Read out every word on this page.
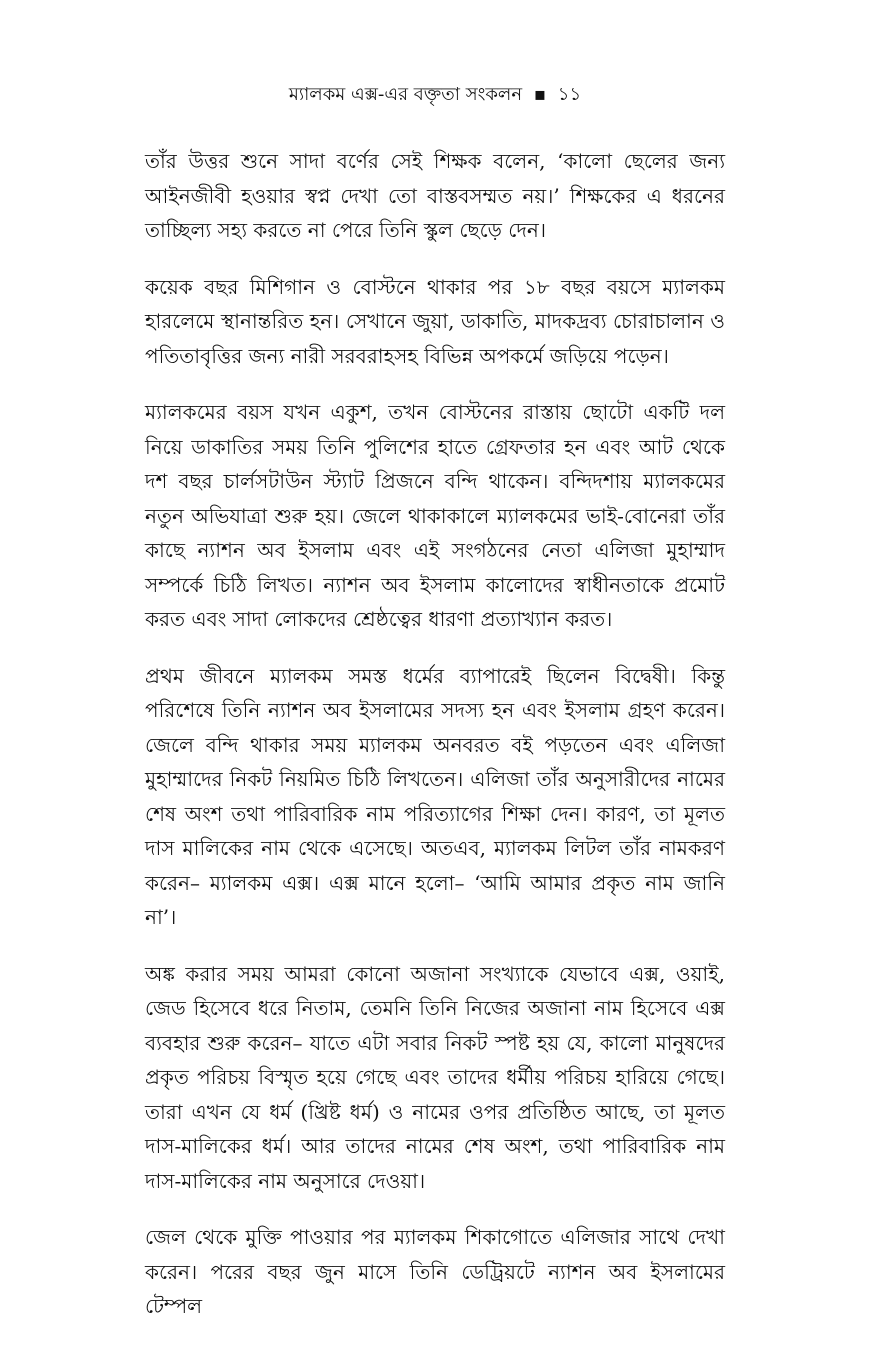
ম্যালকম এক্স-এর বক্তৃতা সংকলন ▪ ১১

তাঁর উত্তর শুনে সাদা বর্ণের সেই শিক্ষক বলেন, ‘কালো ছেলের জন্য আইনজীবী হওয়ার স্বপ্ন দেখা তো বাস্তবসম্মত নয়।’ শিক্ষকের এ ধরনের তাচ্ছিল্য সহ্য করতে না পেরে তিনি স্কুল ছেড়ে দেন।

কয়েক বছর মিশিগান ও বোস্টনে থাকার পর ১৮ বছর বয়সে ম্যালকম হারলেমে স্থানান্তরিত হন। সেখানে জুয়া, ডাকাতি, মাদকদ্রব্য চোরাচালান ও পতিতাবৃত্তির জন্য নারী সরবরাহসহ বিভিন্ন অপকর্মে জড়িয়ে পড়েন।

ম্যালকমের বয়স যখন একুশ, তখন বোস্টনের রাস্তায় ছোটো একটি দল নিয়ে ডাকাতির সময় তিনি পুলিশের হাতে গ্রেফতার হন এবং আট থেকে দশ বছর চার্লসটাউন স্ট্যাট প্রিজনে বন্দি থাকেন। বন্দিদশায় ম্যালকমের নতুন অভিযাত্রা শুরু হয়। জেলে থাকাকালে ম্যালকমের ভাই-বোনেরা তাঁর কাছে ন্যাশন অব ইসলাম এবং এই সংগঠনের নেতা এলিজা মুহাম্মাদ সম্পর্কে চিঠি লিখত। ন্যাশন অব ইসলাম কালোদের স্বাধীনতাকে প্রমোট করত এবং সাদা লোকদের শ্রেষ্ঠত্বের ধারণা প্রত্যাখ্যান করত।

প্রথম জীবনে ম্যালকম সমস্ত ধর্মের ব্যাপারেই ছিলেন বিদ্বেষী। কিন্তু পরিশেষে তিনি ন্যাশন অব ইসলামের সদস্য হন এবং ইসলাম গ্রহণ করেন। জেলে বন্দি থাকার সময় ম্যালকম অনবরত বই পড়তেন এবং এলিজা মুহাম্মাদের নিকট নিয়মিত চিঠি লিখতেন। এলিজা তাঁর অনুসারীদের নামের শেষ অংশ তথা পারিবারিক নাম পরিত্যাগের শিক্ষা দেন। কারণ, তা মূলত দাস মালিকের নাম থেকে এসেছে। অতএব, ম্যালকম লিটল তাঁর নামকরণ করেন– ম্যালকম এক্স। এক্স মানে হলো– ‘আমি আমার প্রকৃত নাম জানি না’।

অঙ্ক করার সময় আমরা কোনো অজানা সংখ্যাকে যেভাবে এক্স, ওয়াই, জেড হিসেবে ধরে নিতাম, তেমনি তিনি নিজের অজানা নাম হিসেবে এক্স ব্যবহার শুরু করেন– যাতে এটা সবার নিকট স্পষ্ট হয় যে, কালো মানুষদের প্রকৃত পরিচয় বিস্মৃত হয়ে গেছে এবং তাদের ধর্মীয় পরিচয় হারিয়ে গেছে। তারা এখন যে ধর্ম (খ্রিষ্ট ধর্ম) ও নামের ওপর প্রতিষ্ঠিত আছে, তা মূলত দাস-মালিকের ধর্ম। আর তাদের নামের শেষ অংশ, তথা পারিবারিক নাম দাস-মালিকের নাম অনুসারে দেওয়া।

জেল থেকে মুক্তি পাওয়ার পর ম্যালকম শিকাগোতে এলিজার সাথে দেখা করেন। পরের বছর জুন মাসে তিনি ডেট্রিয়টে ন্যাশন অব ইসলামের টেম্পল
